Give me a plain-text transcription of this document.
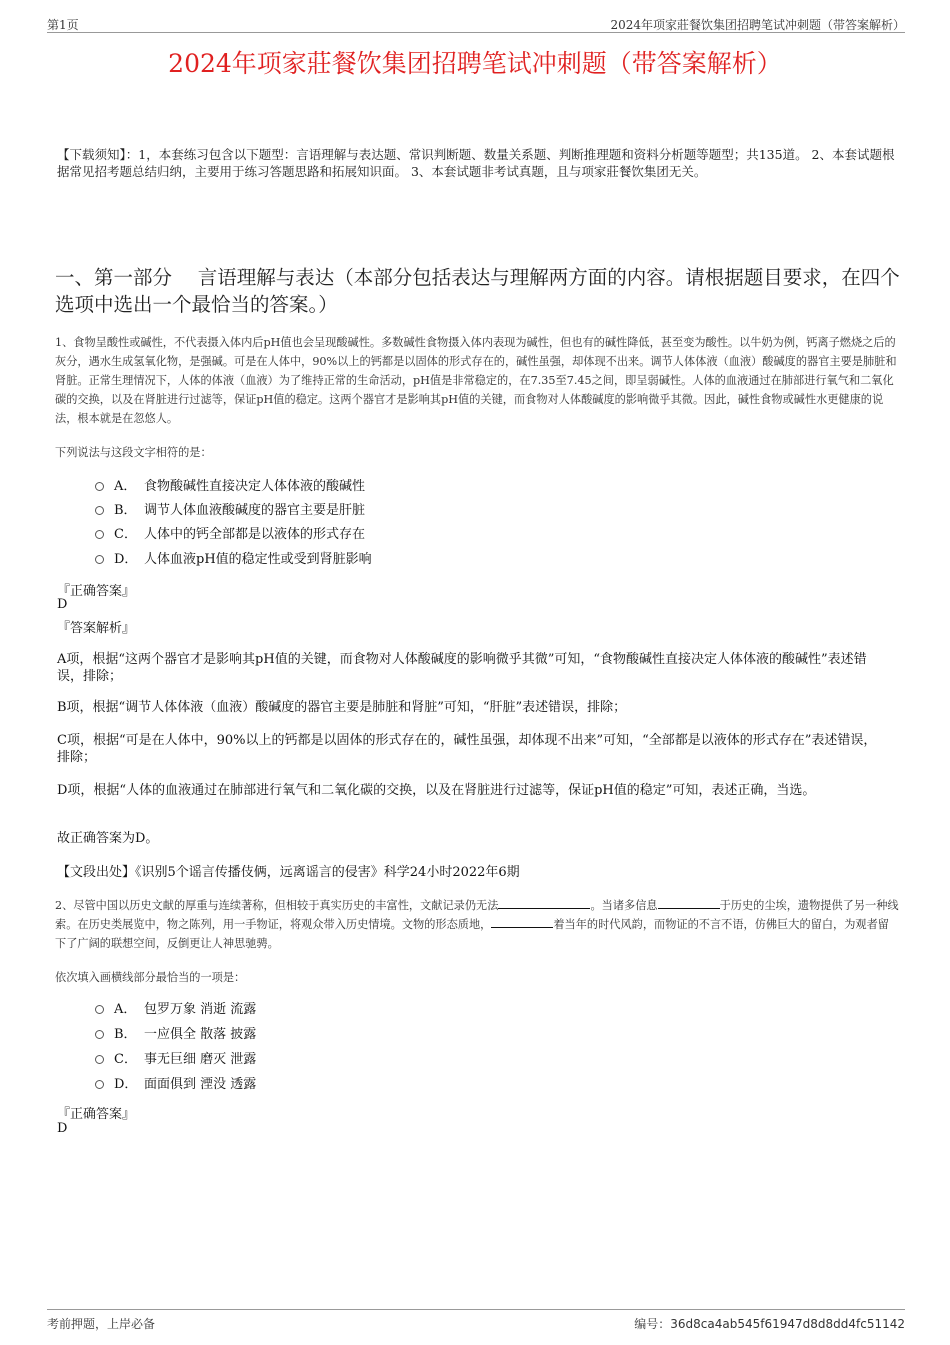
第1页	2024年项家莊餐饮集团招聘笔试冲刺题（带答案解析）
2024年项家莊餐饮集团招聘笔试冲刺题（带答案解析）
【下载须知】：1，本套练习包含以下题型：言语理解与表达题、常识判断题、数量关系题、判断推理题和资料分析题等题型；共135道。 2、本套试题根据常见招考题总结归纳，主要用于练习答题思路和拓展知识面。 3、本套试题非考试真题，且与项家莊餐饮集团无关。
一、第一部分　 言语理解与表达（本部分包括表达与理解两方面的内容。请根据题目要求，在四个选项中选出一个最恰当的答案。）
1、食物呈酸性或碱性，不代表摄入体内后pH值也会呈现酸碱性。多数碱性食物摄入体内表现为碱性，但也有的碱性降低，甚至变为酸性。以牛奶为例，钙离子燃烧之后的灰分，遇水生成氢氧化物，是强碱。可是在人体中，90%以上的钙都是以固体的形式存在的，碱性虽强，却体现不出来。调节人体体液（血液）酸碱度的器官主要是肺脏和肾脏。正常生理情况下，人体的体液（血液）为了维持正常的生命活动，pH值是非常稳定的，在7.35至7.45之间，即呈弱碱性。人体的血液通过在肺部进行氧气和二氧化碳的交换，以及在肾脏进行过滤等，保证pH值的稳定。这两个器官才是影响其pH值的关键，而食物对人体酸碱度的影响微乎其微。因此，碱性食物或碱性水更健康的说法，根本就是在忽悠人。
下列说法与这段文字相符的是：
A． 食物酸碱性直接决定人体体液的酸碱性
B． 调节人体血液酸碱度的器官主要是肝脏
C． 人体中的钙全部都是以液体的形式存在
D． 人体血液pH值的稳定性或受到肾脏影响
『正确答案』
D
『答案解析』
A项，根据“这两个器官才是影响其pH值的关键，而食物对人体酸碱度的影响微乎其微”可知，“食物酸碱性直接决定人体体液的酸碱性”表述错误，排除；
B项，根据“调节人体体液（血液）酸碱度的器官主要是肺脏和肾脏”可知，“肝脏”表述错误，排除；
C项，根据“可是在人体中，90%以上的钙都是以固体的形式存在的，碱性虽强，却体现不出来”可知，“全部都是以液体的形式存在”表述错误，排除；
D项，根据“人体的血液通过在肺部进行氧气和二氧化碳的交换，以及在肾脏进行过滤等，保证pH值的稳定”可知，表述正确，当选。
故正确答案为D。
【文段出处】《识别5个谣言传播伎俩，远离谣言的侵害》科学24小时2022年6期
2、尽管中国以历史文献的厚重与连续著称，但相较于真实历史的丰富性，文献记录仍无法	。当诸多信息	于历史的尘埃，遗物提供了另一种线索。在历史类展览中，物之陈列，用一手物证，将观众带入历史情境。文物的形态质地，	着当年的时代风韵，而物证的不言不语，仿佛巨大的留白，为观者留下了广阔的联想空间，反倒更让人神思驰骋。
依次填入画横线部分最恰当的一项是：
A． 包罗万象 消逝 流露
B． 一应俱全 散落 披露
C． 事无巨细 磨灭 泄露
D． 面面俱到 湮没 透露
『正确答案』
D
考前押题，上岸必备	编号：36d8ca4ab545f61947d8d8dd4fc51142
